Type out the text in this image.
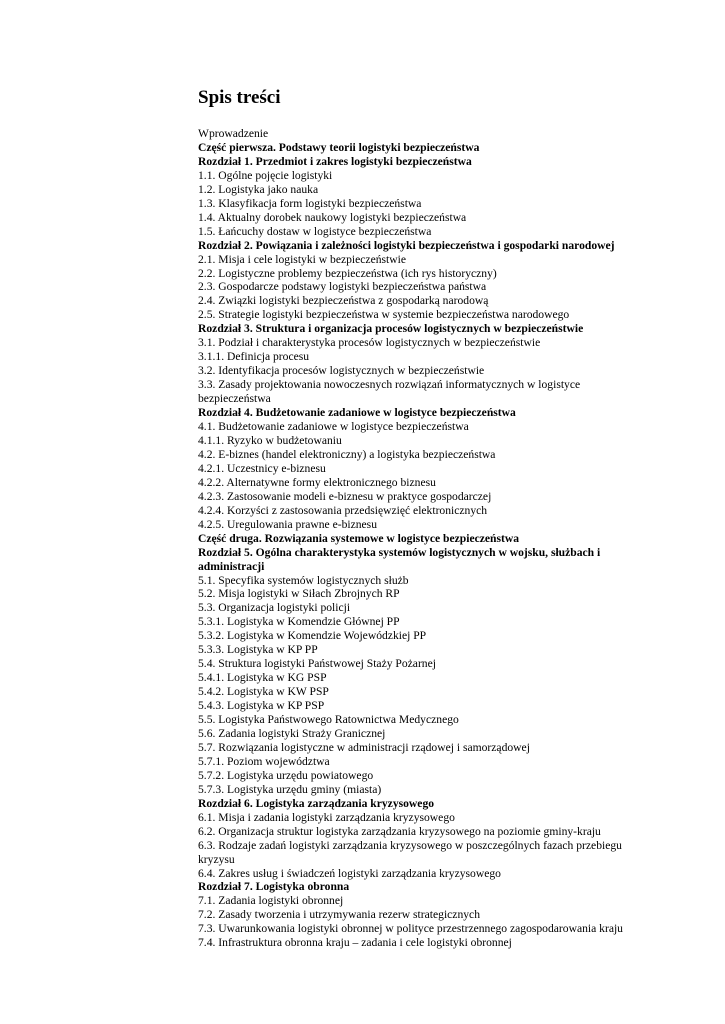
Spis treści
Wprowadzenie
Część pierwsza. Podstawy teorii logistyki bezpieczeństwa
Rozdział 1. Przedmiot i zakres logistyki bezpieczeństwa
1.1. Ogólne pojęcie logistyki
1.2. Logistyka jako nauka
1.3. Klasyfikacja form logistyki bezpieczeństwa
1.4. Aktualny dorobek naukowy logistyki bezpieczeństwa
1.5. Łańcuchy dostaw w logistyce bezpieczeństwa
Rozdział 2. Powiązania i zależności logistyki bezpieczeństwa i gospodarki narodowej
2.1. Misja i cele logistyki w bezpieczeństwie
2.2. Logistyczne problemy bezpieczeństwa (ich rys historyczny)
2.3. Gospodarcze podstawy logistyki bezpieczeństwa państwa
2.4. Związki logistyki bezpieczeństwa z gospodarką narodową
2.5. Strategie logistyki bezpieczeństwa w systemie bezpieczeństwa narodowego
Rozdział 3. Struktura i organizacja procesów logistycznych w bezpieczeństwie
3.1. Podział i charakterystyka procesów logistycznych w bezpieczeństwie
3.1.1. Definicja procesu
3.2. Identyfikacja procesów logistycznych w bezpieczeństwie
3.3. Zasady projektowania nowoczesnych rozwiązań informatycznych w logistyce bezpieczeństwa
Rozdział 4. Budżetowanie zadaniowe w logistyce bezpieczeństwa
4.1. Budżetowanie zadaniowe w logistyce bezpieczeństwa
4.1.1. Ryzyko w budżetowaniu
4.2. E-biznes (handel elektroniczny) a logistyka bezpieczeństwa
4.2.1. Uczestnicy e-biznesu
4.2.2. Alternatywne formy elektronicznego biznesu
4.2.3. Zastosowanie modeli e-biznesu w praktyce gospodarczej
4.2.4. Korzyści z zastosowania przedsięwzięć elektronicznych
4.2.5. Uregulowania prawne e-biznesu
Część druga. Rozwiązania systemowe w logistyce bezpieczeństwa
Rozdział 5. Ogólna charakterystyka systemów logistycznych w wojsku, służbach i administracji
5.1. Specyfika systemów logistycznych służb
5.2. Misja logistyki w Siłach Zbrojnych RP
5.3. Organizacja logistyki policji
5.3.1. Logistyka w Komendzie Głównej PP
5.3.2. Logistyka w Komendzie Wojewódzkiej PP
5.3.3. Logistyka w KP PP
5.4. Struktura logistyki Państwowej Staży Pożarnej
5.4.1. Logistyka w KG PSP
5.4.2. Logistyka w KW PSP
5.4.3. Logistyka w KP PSP
5.5. Logistyka Państwowego Ratownictwa Medycznego
5.6. Zadania logistyki Straży Granicznej
5.7. Rozwiązania logistyczne w administracji rządowej i samorządowej
5.7.1. Poziom województwa
5.7.2. Logistyka urzędu powiatowego
5.7.3. Logistyka urzędu gminy (miasta)
Rozdział 6. Logistyka zarządzania kryzysowego
6.1. Misja i zadania logistyki zarządzania kryzysowego
6.2. Organizacja struktur logistyka zarządzania kryzysowego na poziomie gminy-kraju
6.3. Rodzaje zadań logistyki zarządzania kryzysowego w poszczególnych fazach przebiegu kryzysu
6.4. Zakres usług i świadczeń logistyki zarządzania kryzysowego
Rozdział 7. Logistyka obronna
7.1. Zadania logistyki obronnej
7.2. Zasady tworzenia i utrzymywania rezerw strategicznych
7.3. Uwarunkowania logistyki obronnej w polityce przestrzennego zagospodarowania kraju
7.4. Infrastruktura obronna kraju – zadania i cele logistyki obronnej
